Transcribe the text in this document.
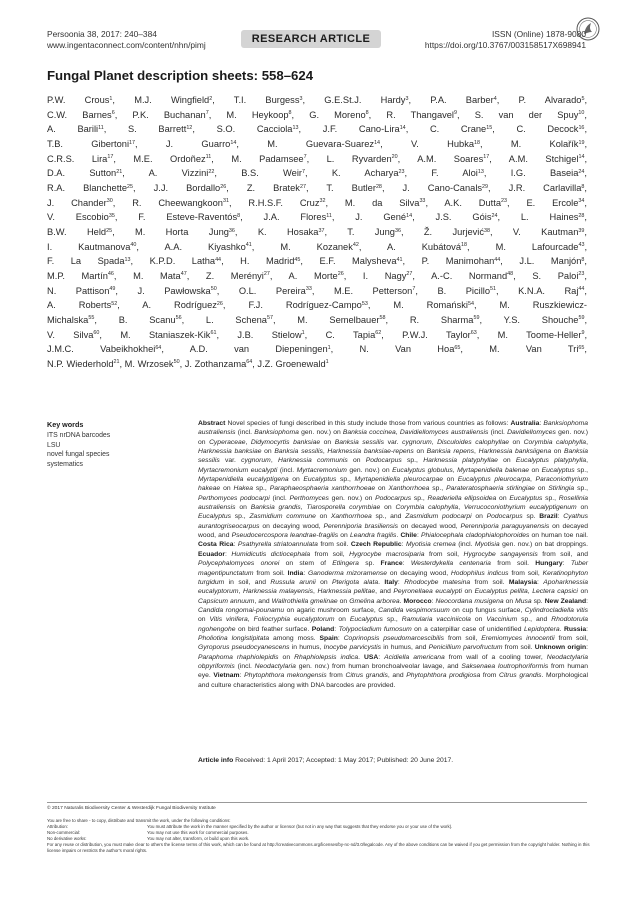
Persoonia 38, 2017: 240–384
www.ingentaconnect.com/content/nhn/pimj	RESEARCH ARTICLE	ISSN (Online) 1878-9080
https://doi.org/10.3767/003158517X698941
Fungal Planet description sheets: 558–624
P.W. Crous$^1$, M.J. Wingfield$^2$, T.I. Burgess$^3$, G.E.St.J. Hardy$^3$, P.A. Barber$^4$, P. Alvarado$^5$,
C.W. Barnes$^6$, P.K. Buchanan$^7$, M. Heykoop$^8$, G. Moreno$^8$, R. Thangavel$^9$, S. van der Spuy$^{10}$,
A. Barili$^{11}$, S. Barrett$^{12}$, S.O. Cacciola$^{13}$, J.F. Cano-Lira$^{14}$, C. Crane$^{15}$, C. Decock$^{16}$,
T.B. Gibertoni$^{17}$, J. Guarro$^{14}$, M. Guevara-Suarez$^{14}$, V. Hubka$^{18}$, M. Kolařík$^{19}$,
C.R.S. Lira$^{17}$, M.E. Ordoñez$^{11}$, M. Padamsee$^7$, L. Ryvarden$^{20}$, A.M. Soares$^{17}$, A.M. Stchigel$^{14}$,
D.A. Sutton$^{21}$, A. Vizzini$^{22}$, B.S. Weir$^7$, K. Acharya$^{23}$, F. Aloi$^{13}$, I.G. Baseia$^{24}$,
R.A. Blanchette$^{25}$, J.J. Bordallo$^{26}$, Z. Bratek$^{27}$, T. Butler$^{28}$, J. Cano-Canals$^{29}$, J.R. Carlavilla$^8$,
J. Chander$^{30}$, R. Cheewangkoon$^{31}$, R.H.S.F. Cruz$^{32}$, M. da Silva$^{33}$, A.K. Dutta$^{23}$, E. Ercole$^{34}$,
V. Escobio$^{35}$, F. Esteve-Raventós$^8$, J.A. Flores$^{11}$, J. Gené$^{14}$, J.S. Góis$^{24}$, L. Haines$^{28}$,
B.W. Held$^{25}$, M. Horta Jung$^{36}$, K. Hosaka$^{37}$, T. Jung$^{36}$, Ž. Jurjević$^{38}$, V. Kautman$^{39}$,
I. Kautmanova$^{40}$, A.A. Kiyashko$^{41}$, M. Kozanek$^{42}$, A. Kubátová$^{18}$, M. Lafourcade$^{43}$,
F. La Spada$^{13}$, K.P.D. Latha$^{44}$, H. Madrid$^{45}$, E.F. Malysheva$^{41}$, P. Manimohan$^{44}$, J.L. Manjón$^8$,
M.P. Martín$^{46}$, M. Mata$^{47}$, Z. Merényi$^{27}$, A. Morte$^{26}$, I. Nagy$^{27}$, A.-C. Normand$^{48}$, S. Paloi$^{23}$,
N. Pattison$^{49}$, J. Pawłowska$^{50}$, O.L. Pereira$^{33}$, M.E. Petterson$^7$, B. Picillo$^{51}$, K.N.A. Raj$^{44}$,
A. Roberts$^{52}$, A. Rodríguez$^{26}$, F.J. Rodríguez-Campo$^{53}$, M. Romański$^{54}$, M. Ruszkiewicz-
Michalska$^{55}$, B. Scanu$^{56}$, L. Schena$^{57}$, M. Semelbauer$^{58}$, R. Sharma$^{59}$, Y.S. Shouche$^{59}$,
V. Silva$^{60}$, M. Staniaszek-Kik$^{61}$, J.B. Stielow$^1$, C. Tapia$^{62}$, P.W.J. Taylor$^{63}$, M. Toome-Heller$^9$,
J.M.C. Vabeikhokhei$^{64}$, A.D. van Diepeningen$^1$, N. Van Hoa$^{65}$, M. Van Tri$^{65}$,
N.P. Wiederhold$^{21}$, M. Wrzosek$^{50}$, J. Zothanzama$^{64}$, J.Z. Groenewald$^1$
Key words
ITS nrDNA barcodes
LSU
novel fungal species
systematics
Abstract Novel species of fungi described in this study include those from various countries as follows: Australia: Banksiophoma australiensis (incl. Banksiophoma gen. nov.) on Banksia coccinea, Davidiellomyces australiensis (incl. Davidiellomyces gen. nov.) on Cyperaceae, Didymocyrtis banksiae on Banksia sessilis var. cygnorum, Disculoides calophyllae on Corymbia calophylla, Harknessia banksiae on Banksia sessilis, Harknessia banksiae-repens on Banksia repens, Harknessia banksiigena on Banksia sessilis var. cygnorum, Harknessia communis on Podocarpus sp., Harknessia platyphyllae on Eucalyptus platyphylla, Myrtacremonium eucalypti (incl. Myrtacremonium gen. nov.) on Eucalyptus globulus, Myrtapenidiella balenae on Eucalyptus sp., Myrtapenidiella eucalyptigena on Eucalyptus sp., Myrtapenidiella pleurocarpae on Eucalyptus pleurocarpa, Paraconiothyrium hakeae on Hakea sp., Paraphaeosphaeria xanthorrhoeae on Xanthorrhoea sp., Parateratosphaeria stirlingiae on Stirlingia sp., Perthomyces podocarpi (incl. Perthomyces gen. nov.) on Podocarpus sp., Readeriella ellipsoidea on Eucalyptus sp., Rosellinia australiensis on Banksia grandis, Tiarosporella corymbiae on Corymbia calophylla, Verrucoconiothyrium eucalyptigenum on Eucalyptus sp., Zasmidium commune on Xanthorrhoea sp., and Zasmidium podocarpi on Podocarpus sp. Brazil: Cyathus aurantogriseocarpus on decaying wood, Perenniporia brasiliensis on decayed wood, Perenniporia paraguyanensis on decayed wood, and Pseudocercospora leandrae-fragilis on Leandra fragilis. Chile: Phialocephala cladophialophoroides on human toe nail. Costa Rica: Psathyrella striatoannulata from soil. Czech Republic: Myotisia cremea (incl. Myotisia gen. nov.) on bat droppings. Ecuador: Humidicutis dictiocephala from soil, Hygrocybe macrosiparia from soil, Hygrocybe sangayensis from soil, and Polycephalomyces onorei on stem of Etlingera sp. France: Westerdykella centenaria from soil. Hungary: Tuber magentipunctatum from soil. India: Ganoderma mizoramense on decaying wood, Hodophilus indicus from soil, Keratinophyton turgidum in soil, and Russula arunii on Pterigota alata. Italy: Rhodocybe matesina from soil. Malaysia: Apoharknessia eucalyptorum, Harknessia malayensis, Harknessia pellitae, and Peyronellaea eucalypti on Eucalyptus pellita, Lectera capsici on Capsicum annuum, and Wallrothiella gmelinae on Gmelina arborea. Morocco: Neocordana musigena on Musa sp. New Zealand: Candida rongomai-pounamu on agaric mushroom surface, Candida vespimorsuum on cup fungus surface, Cylindrocladiella vitis on Vitis vinifera, Foliocryphia eucalyptorum on Eucalyptus sp., Ramularia vacciniicola on Vaccinium sp., and Rhodotorula ngohengohe on bird feather surface. Poland: Tolypocladium fumosum on a caterpillar case of unidentified Lepidoptera. Russia: Pholiotina longistipitata among moss. Spain: Coprinopsis pseudomarcescibilis from soil, Eremiomyces innocentii from soil, Gyroporus pseudocyanescens in humus, Inocybe parvicystis in humus, and Penicillium parvofructum from soil. Unknown origin: Paraphoma rhaphiolepidis on Rhaphiolepsis indica. USA: Acidiella americana from wall of a cooling tower, Neodactylaria obpyriformis (incl. Neodactylaria gen. nov.) from human bronchoalveolar lavage, and Saksenaea loutrophoriformis from human eye. Vietnam: Phytophthora mekongensis from Citrus grandis, and Phytophthora prodigiosa from Citrus grandis. Morphological and culture characteristics along with DNA barcodes are provided.
Article info Received: 1 April 2017; Accepted: 1 May 2017; Published: 20 June 2017.
© 2017 Naturalis Biodiversity Center & Westerdijk Fungal Biodiversity Institute
You are free to share - to copy, distribute and transmit the work, under the following conditions:
Attribution:	You must attribute the work in the manner specified by the author or licensor (but not in any way that suggests that they endorse you or your use of the work).
Non-commercial:	You may not use this work for commercial purposes.
No derivative works:	You may not alter, transform, or build upon this work.
For any reuse or distribution, you must make clear to others the license terms of this work, which can be found at http://creativecommons.org/licenses/by-nc-nd/3.0/legalcode. Any of the above conditions can be waived if you get permission from the copyright holder. Nothing in this license impairs or restricts the author's moral rights.
